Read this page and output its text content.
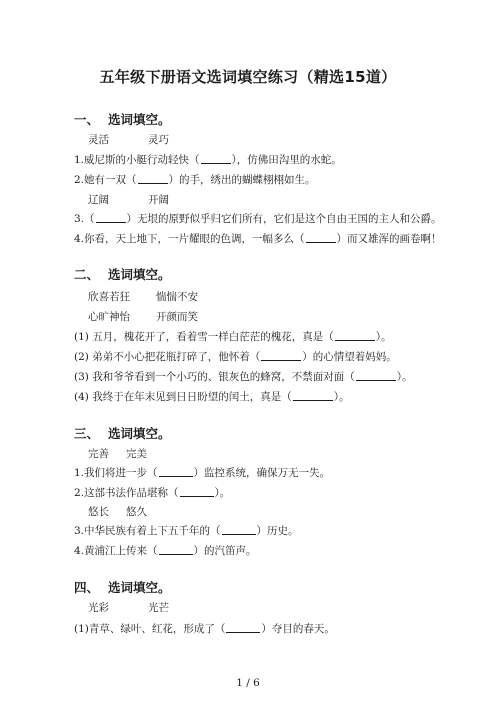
五年级下册语文选词填空练习（精选15道）
一、 选词填空。
灵活	灵巧
1.威尼斯的小艇行动轻快（	），仿佛田沟里的水蛇。
2.她有一双（	）的手，绣出的蝴蝶栩栩如生。
辽阔	开阔
3.（	）无垠的原野似乎归它们所有，它们是这个自由王国的主人和公爵。
4.你看，天上地下，一片耀眼的色调，一幅多么（	）而又雄浑的画卷啊！
二、 选词填空。
欣喜若狂 惴惴不安
心旷神怡 开颜而笑
(1) 五月，槐花开了，看着雪一样白茫茫的槐花，真是（	）。
(2) 弟弟不小心把花瓶打碎了，他怀着（	）的心情望着妈妈。
(3) 我和爷爷看到一个小巧的、银灰色的蜂窝，不禁面对面（	）。
(4) 我终于在年末见到日日盼望的闰土，真是（	）。
三、 选词填空。
完善 完美
1.我们将进一步（	）监控系统，确保万无一失。
2.这部书法作品堪称（	）。
悠长 悠久
3.中华民族有着上下五千年的（	）历史。
4.黄浦江上传来（	）的汽笛声。
四、 选词填空。
光彩	光芒
(1)青草、绿叶、红花，形成了（	）夺目的春天。
1 / 6
